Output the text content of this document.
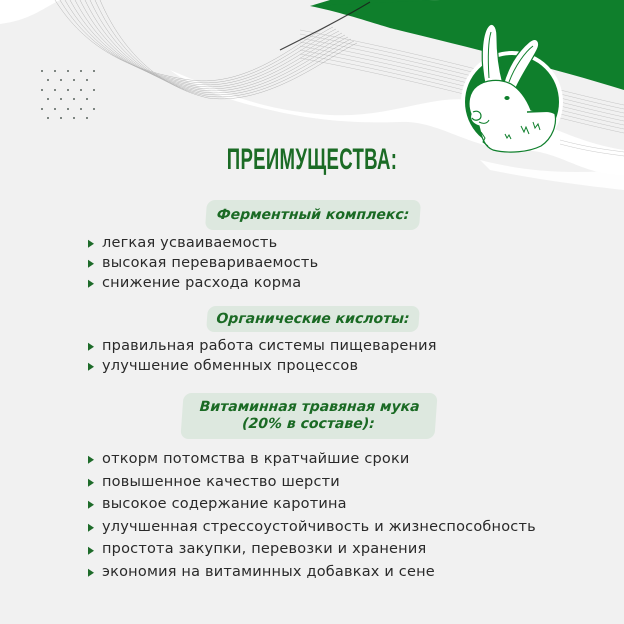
ПРЕИМУЩЕСТВА:
Ферментный комплекс:
легкая усваиваемость
высокая перевариваемость
снижение расхода корма
Органические кислоты:
правильная работа системы пищеварения
улучшение обменных процессов
Витаминная травяная мука
(20% в составе):
откорм потомства в кратчайшие сроки
повышенное качество шерсти
высокое содержание каротина
улучшенная стрессоустойчивость и жизнеспособность
простота закупки, перевозки и хранения
экономия на витаминных добавках и сене
